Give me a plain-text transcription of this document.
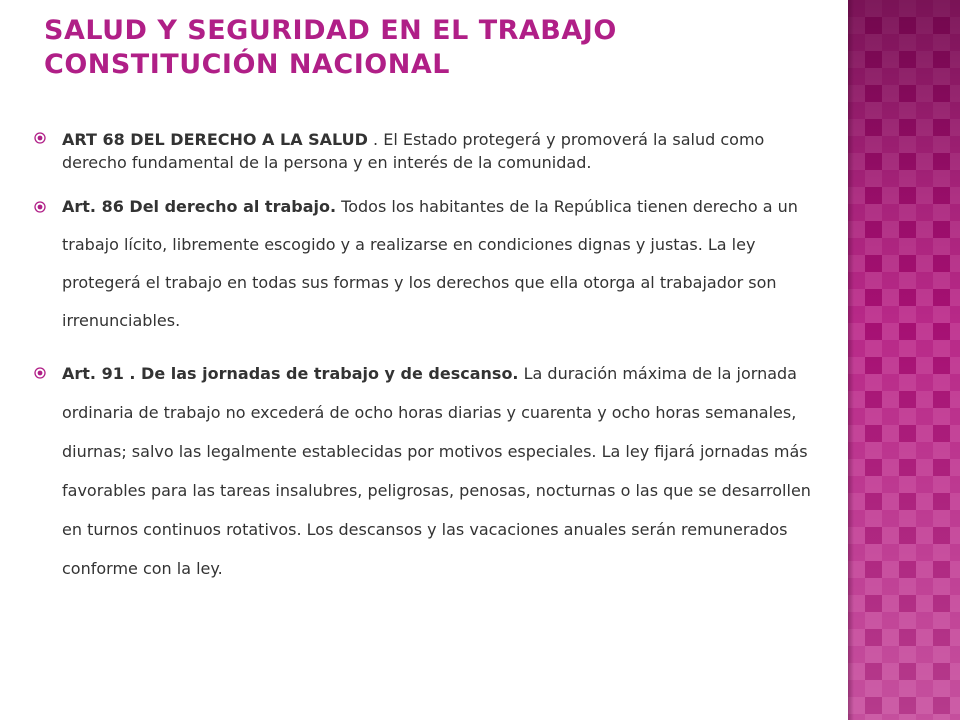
SALUD Y SEGURIDAD EN EL TRABAJO
CONSTITUCIÓN NACIONAL
ART 68 DEL DERECHO A LA SALUD . El Estado protegerá y promoverá la salud como derecho fundamental de la persona y en interés de la comunidad.
Art. 86 Del derecho al trabajo. Todos los habitantes de la República tienen derecho a un trabajo lícito, libremente escogido y a realizarse en condiciones dignas y justas. La ley protegerá el trabajo en todas sus formas y los derechos que ella otorga al trabajador son irrenunciables.
Art. 91 . De las jornadas de trabajo y de descanso. La duración máxima de la jornada ordinaria de trabajo no excederá de ocho horas diarias y cuarenta y ocho horas semanales, diurnas; salvo las legalmente establecidas por motivos especiales. La ley fijará jornadas más favorables para las tareas insalubres, peligrosas, penosas, nocturnas o las que se desarrollen en turnos continuos rotativos. Los descansos y las vacaciones anuales serán remunerados conforme con la ley.
